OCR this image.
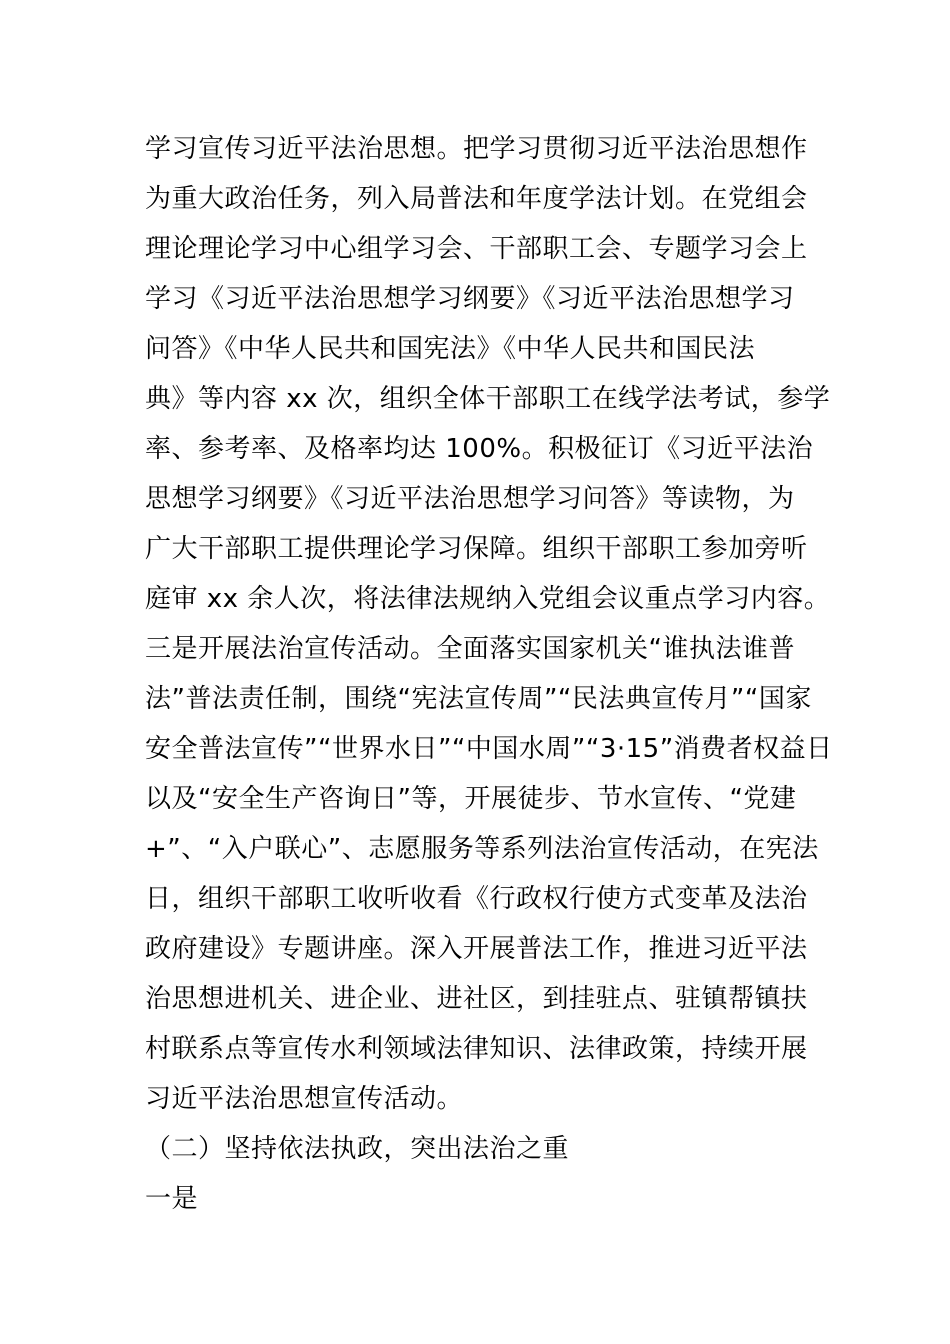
学习宣传习近平法治思想。把学习贯彻习近平法治思想作
为重大政治任务，列入局普法和年度学法计划。在党组会
理论理论学习中心组学习会、干部职工会、专题学习会上
学习《习近平法治思想学习纲要》《习近平法治思想学习
问答》《中华人民共和国宪法》《中华人民共和国民法
典》等内容 xx 次，组织全体干部职工在线学法考试，参学
率、参考率、及格率均达 100%。积极征订《习近平法治
思想学习纲要》《习近平法治思想学习问答》等读物，为
广大干部职工提供理论学习保障。组织干部职工参加旁听
庭审 xx 余人次，将法律法规纳入党组会议重点学习内容。
三是开展法治宣传活动。全面落实国家机关“谁执法谁普
法”普法责任制，围绕“宪法宣传周”“民法典宣传月”“国家
安全普法宣传”“世界水日”“中国水周”“3·15”消费者权益日
以及“安全生产咨询日”等，开展徒步、节水宣传、“党建
+”、“入户联心”、志愿服务等系列法治宣传活动，在宪法
日，组织干部职工收听收看《行政权行使方式变革及法治
政府建设》专题讲座。深入开展普法工作，推进习近平法
治思想进机关、进企业、进社区，到挂驻点、驻镇帮镇扶
村联系点等宣传水利领域法律知识、法律政策，持续开展
习近平法治思想宣传活动。
（二）坚持依法执政，突出法治之重
一是
